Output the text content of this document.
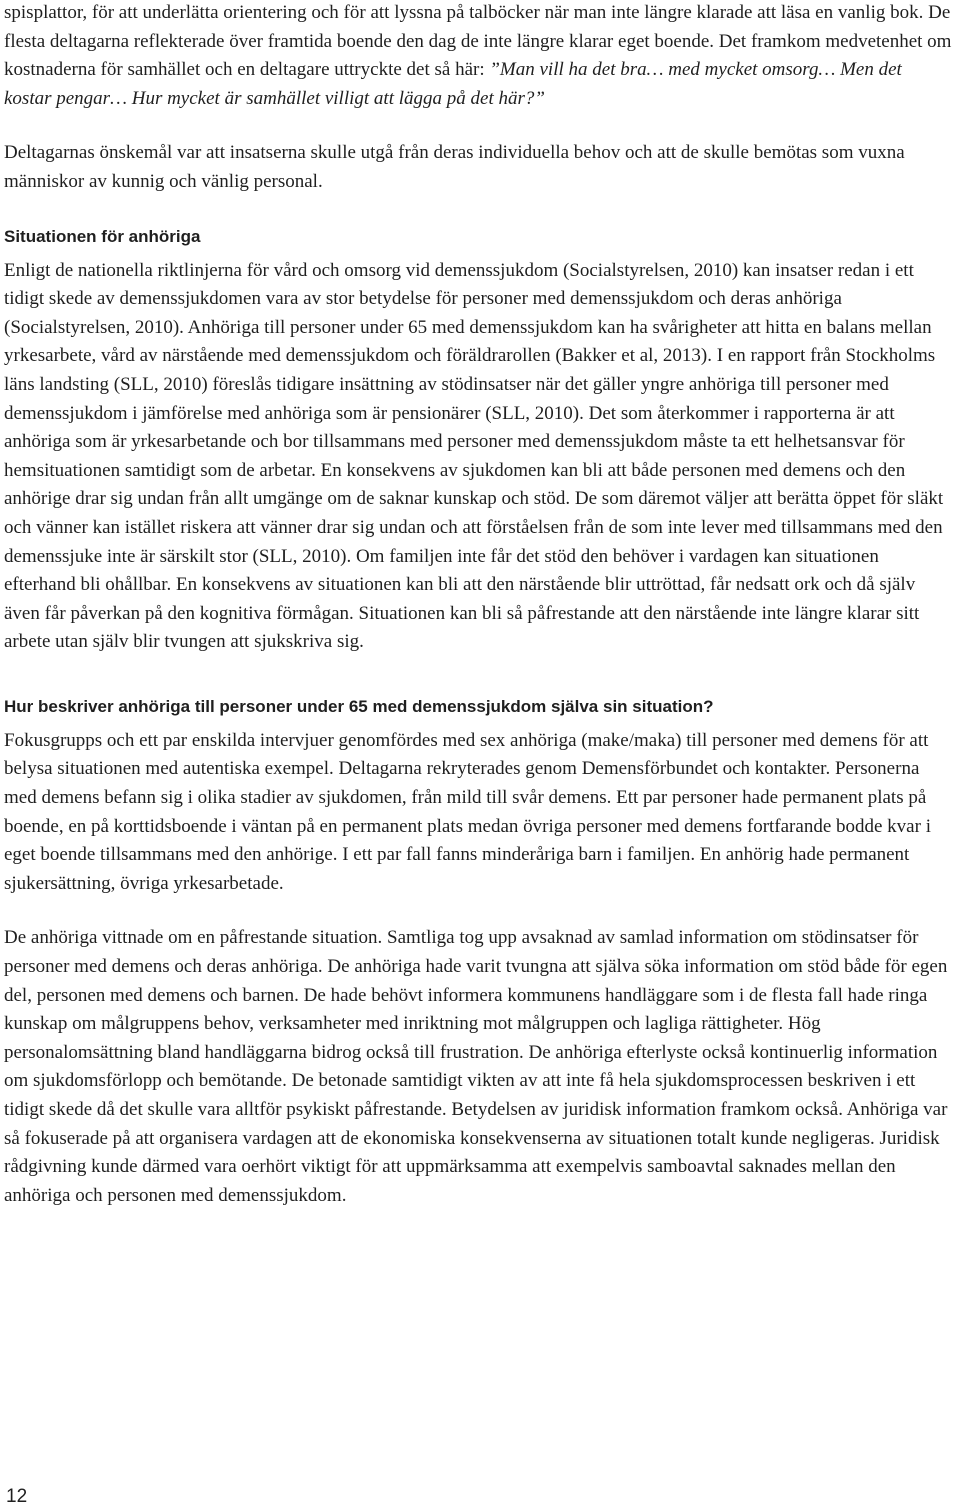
spisplattor, för att underlätta orientering och för att lyssna på talböcker när man inte längre klarade att läsa en vanlig bok. De flesta deltagarna reflekterade över framtida boende den dag de inte längre klarar eget boende. Det framkom medvetenhet om kostnaderna för samhället och en deltagare uttryckte det så här: ”Man vill ha det bra… med mycket omsorg… Men det kostar pengar… Hur mycket är samhället villigt att lägga på det här?”

Deltagarnas önskemål var att insatserna skulle utgå från deras individuella behov och att de skulle bemötas som vuxna människor av kunnig och vänlig personal.

Situationen för anhöriga

Enligt de nationella riktlinjerna för vård och omsorg vid demenssjukdom (Socialstyrelsen, 2010) kan insatser redan i ett tidigt skede av demenssjukdomen vara av stor betydelse för personer med demenssjukdom och deras anhöriga (Socialstyrelsen, 2010). Anhöriga till personer under 65 med demenssjukdom kan ha svårigheter att hitta en balans mellan yrkesarbete, vård av närstående med demenssjukdom och föräldrarollen (Bakker et al, 2013). I en rapport från Stockholms läns landsting (SLL, 2010) föreslås tidigare insättning av stödinsatser när det gäller yngre anhöriga till personer med demenssjukdom i jämförelse med anhöriga som är pensionärer (SLL, 2010). Det som återkommer i rapporterna är att anhöriga som är yrkesarbetande och bor tillsammans med personer med demenssjukdom måste ta ett helhetsansvar för hemsituationen samtidigt som de arbetar. En konsekvens av sjukdomen kan bli att både personen med demens och den anhörige drar sig undan från allt umgänge om de saknar kunskap och stöd. De som däremot väljer att berätta öppet för släkt och vänner kan istället riskera att vänner drar sig undan och att förståelsen från de som inte lever med tillsammans med den demenssjuke inte är särskilt stor (SLL, 2010). Om familjen inte får det stöd den behöver i vardagen kan situationen efterhand bli ohållbar. En konsekvens av situationen kan bli att den närstående blir uttröttad, får nedsatt ork och då själv även får påverkan på den kognitiva förmågan. Situationen kan bli så påfrestande att den närstående inte längre klarar sitt arbete utan själv blir tvungen att sjukskriva sig.

Hur beskriver anhöriga till personer under 65 med demenssjukdom själva sin situation?

Fokusgrupps och ett par enskilda intervjuer genomfördes med sex anhöriga (make/maka) till personer med demens för att belysa situationen med autentiska exempel. Deltagarna rekryterades genom Demensförbundet och kontakter. Personerna med demens befann sig i olika stadier av sjukdomen, från mild till svår demens. Ett par personer hade permanent plats på boende, en på korttidsboende i väntan på en permanent plats medan övriga personer med demens fortfarande bodde kvar i eget boende tillsammans med den anhörige. I ett par fall fanns minderåriga barn i familjen. En anhörig hade permanent sjukersättning, övriga yrkesarbetade.

De anhöriga vittnade om en påfrestande situation. Samtliga tog upp avsaknad av samlad information om stödinsatser för personer med demens och deras anhöriga. De anhöriga hade varit tvungna att själva söka information om stöd både för egen del, personen med demens och barnen. De hade behövt informera kommunens handläggare som i de flesta fall hade ringa kunskap om målgruppens behov, verksamheter med inriktning mot målgruppen och lagliga rättigheter. Hög personalomsättning bland handläggarna bidrog också till frustration. De anhöriga efterlyste också kontinuerlig information om sjukdomsförlopp och bemötande. De betonade samtidigt vikten av att inte få hela sjukdomsprocessen beskriven i ett tidigt skede då det skulle vara alltför psykiskt påfrestande. Betydelsen av juridisk information framkom också. Anhöriga var så fokuserade på att organisera vardagen att de ekonomiska konsekvenserna av situationen totalt kunde negligeras. Juridisk rådgivning kunde därmed vara oerhört viktigt för att uppmärksamma att exempelvis samboavtal saknades mellan den anhöriga och personen med demenssjukdom.

12
